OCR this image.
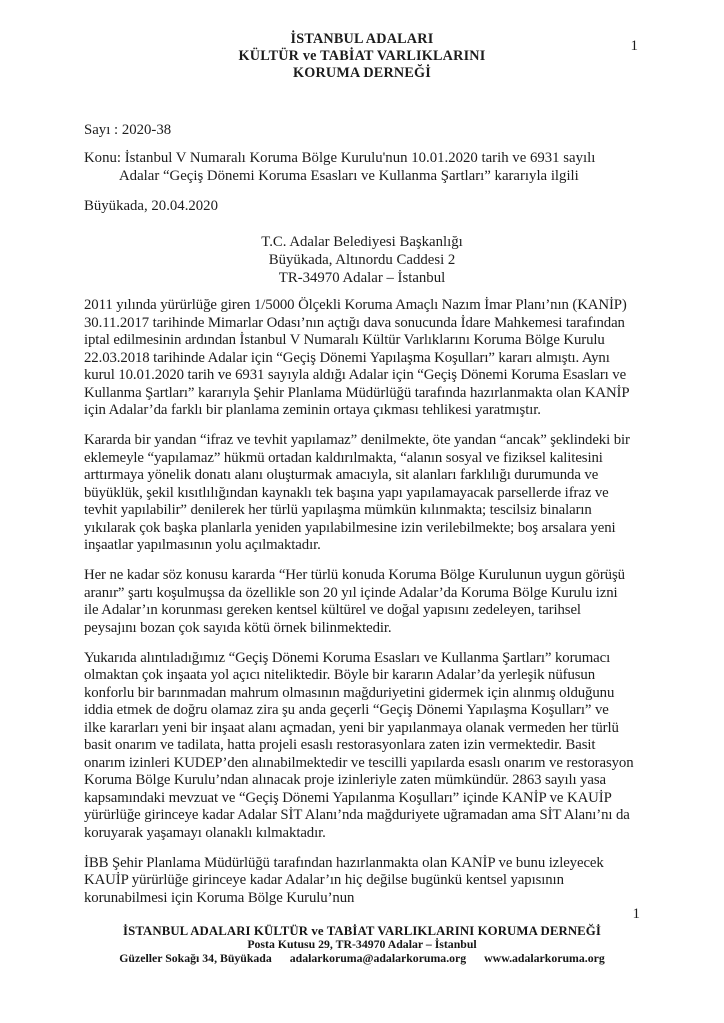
1
İSTANBUL ADALARI
KÜLTÜR ve TABİAT VARLIKLARINI
KORUMA DERNEĞİ
Sayı : 2020-38
Konu: İstanbul V Numaralı Koruma Bölge Kurulu'nun 10.01.2020 tarih ve 6931 sayılı
Adalar “Geçiş Dönemi Koruma Esasları ve Kullanma Şartları” kararıyla ilgili
Büyükada, 20.04.2020
T.C. Adalar Belediyesi Başkanlığı
Büyükada, Altınordu Caddesi 2
TR-34970 Adalar – İstanbul

2011 yılında yürürlüğe giren 1/5000 Ölçekli Koruma Amaçlı Nazım İmar Planı’nın (KANİP)
30.11.2017 tarihinde Mimarlar Odası’nın açtığı dava sonucunda İdare Mahkemesi tarafından
iptal edilmesinin ardından İstanbul V Numaralı Kültür Varlıklarını Koruma Bölge Kurulu
22.03.2018 tarihinde Adalar için “Geçiş Dönemi Yapılaşma Koşulları” kararı almıştı. Aynı
kurul 10.01.2020 tarih ve 6931 sayıyla aldığı Adalar için “Geçiş Dönemi Koruma Esasları ve
Kullanma Şartları” kararıyla Şehir Planlama Müdürlüğü tarafında hazırlanmakta olan KANİP
için Adalar’da farklı bir planlama zeminin ortaya çıkması tehlikesi yaratmıştır.

Kararda bir yandan “ifraz ve tevhit yapılamaz” denilmekte, öte yandan “ancak” şeklindeki bir
eklemeyle “yapılamaz” hükmü ortadan kaldırılmakta, “alanın sosyal ve fiziksel kalitesini
arttırmaya yönelik donatı alanı oluşturmak amacıyla, sit alanları farklılığı durumunda ve
büyüklük, şekil kısıtlılığından kaynaklı tek başına yapı yapılamayacak parsellerde ifraz ve
tevhit yapılabilir” denilerek her türlü yapılaşma mümkün kılınmakta; tescilsiz binaların
yıkılarak çok başka planlarla yeniden yapılabilmesine izin verilebilmekte; boş arsalara yeni
inşaatlar yapılmasının yolu açılmaktadır.

Her ne kadar söz konusu kararda “Her türlü konuda Koruma Bölge Kurulunun uygun görüşü
aranır” şartı koşulmuşsa da özellikle son 20 yıl içinde Adalar’da Koruma Bölge Kurulu izni
ile Adalar’ın korunması gereken kentsel kültürel ve doğal yapısını zedeleyen, tarihsel
peysajını bozan çok sayıda kötü örnek bilinmektedir.

Yukarıda alıntıladığımız “Geçiş Dönemi Koruma Esasları ve Kullanma Şartları” korumacı
olmaktan çok inşaata yol açıcı niteliktedir. Böyle bir kararın Adalar’da yerleşik nüfusun
konforlu bir barınmadan mahrum olmasının mağduriyetini gidermek için alınmış olduğunu
iddia etmek de doğru olamaz zira şu anda geçerli “Geçiş Dönemi Yapılaşma Koşulları” ve
ilke kararları yeni bir inşaat alanı açmadan, yeni bir yapılanmaya olanak vermeden her türlü
basit onarım ve tadilata, hatta projeli esaslı restorasyonlara zaten izin vermektedir. Basit
onarım izinleri KUDEP’den alınabilmektedir ve tescilli yapılarda esaslı onarım ve restorasyon
Koruma Bölge Kurulu’ndan alınacak proje izinleriyle zaten mümkündür. 2863 sayılı yasa
kapsamındaki mevzuat ve “Geçiş Dönemi Yapılanma Koşulları” içinde KANİP ve KAUİP
yürürlüğe girinceye kadar Adalar SİT Alanı’nda mağduriyete uğramadan ama SİT Alanı’nı da
koruyarak yaşamayı olanaklı kılmaktadır.

İBB Şehir Planlama Müdürlüğü tarafından hazırlanmakta olan KANİP ve bunu izleyecek
KAUİP yürürlüğe girinceye kadar Adalar’ın hiç değilse bugünkü kentsel yapısının
korunabilmesi için Koruma Bölge Kurulu’nun

1
İSTANBUL ADALARI KÜLTÜR ve TABİAT VARLIKLARINI KORUMA DERNEĞİ
Posta Kutusu 29, TR-34970 Adalar – İstanbul
Güzeller Sokağı 34, Büyükada adalarkoruma@adalarkoruma.org www.adalarkoruma.org
